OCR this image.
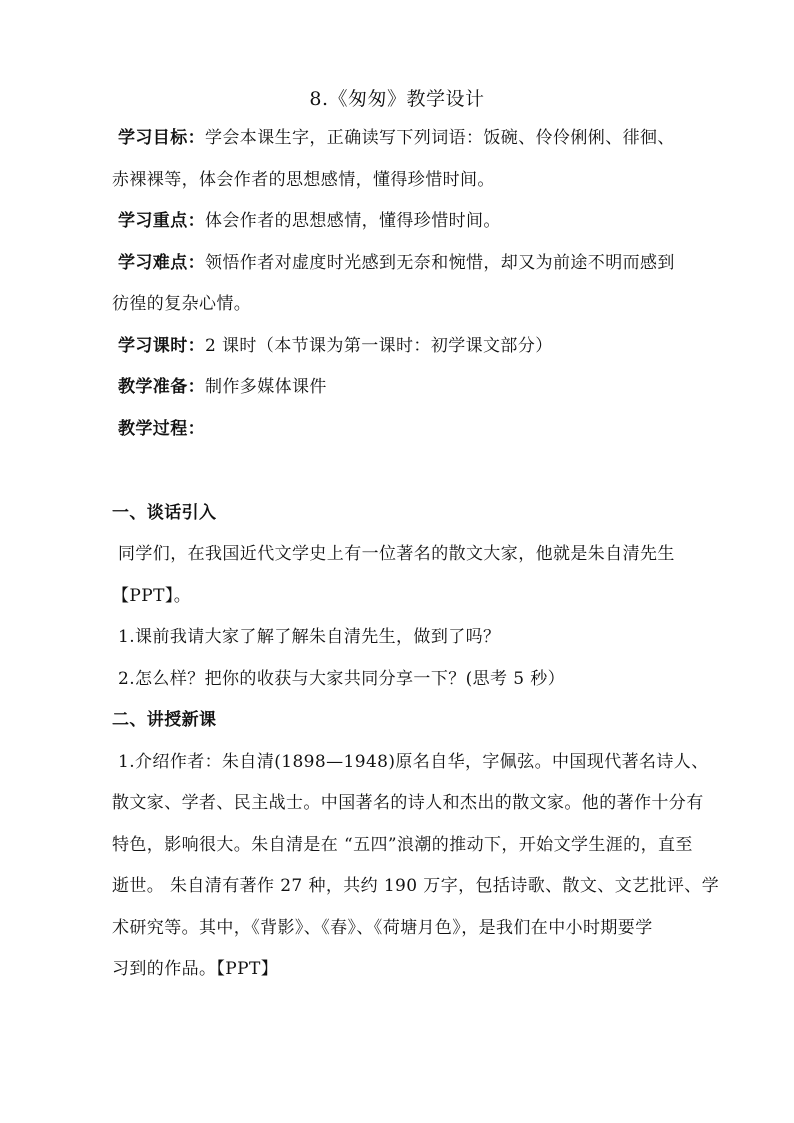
8.《匆匆》教学设计
学习目标：学会本课生字，正确读写下列词语：饭碗、伶伶俐俐、徘徊、
赤裸裸等，体会作者的思想感情，懂得珍惜时间。
学习重点：体会作者的思想感情，懂得珍惜时间。
学习难点：领悟作者对虚度时光感到无奈和惋惜，却又为前途不明而感到
彷徨的复杂心情。
学习课时：2 课时（本节课为第一课时：初学课文部分）
教学准备：制作多媒体课件
教学过程：
一、谈话引入
同学们，在我国近代文学史上有一位著名的散文大家，他就是朱自清先生
【PPT】。
1.课前我请大家了解了解朱自清先生，做到了吗？
2.怎么样？把你的收获与大家共同分享一下？(思考 5 秒）
二、讲授新课
1.介绍作者：朱自清(1898—1948)原名自华，字佩弦。中国现代著名诗人、
散文家、学者、民主战士。中国著名的诗人和杰出的散文家。他的著作十分有
特色，影响很大。朱自清是在 “五四”浪潮的推动下，开始文学生涯的，直至
逝世。 朱自清有著作 27 种，共约 190 万字，包括诗歌、散文、文艺批评、学
术研究等。其中，《背影》、《春》、《荷塘月色》，是我们在中小时期要学
习到的作品。【PPT】
